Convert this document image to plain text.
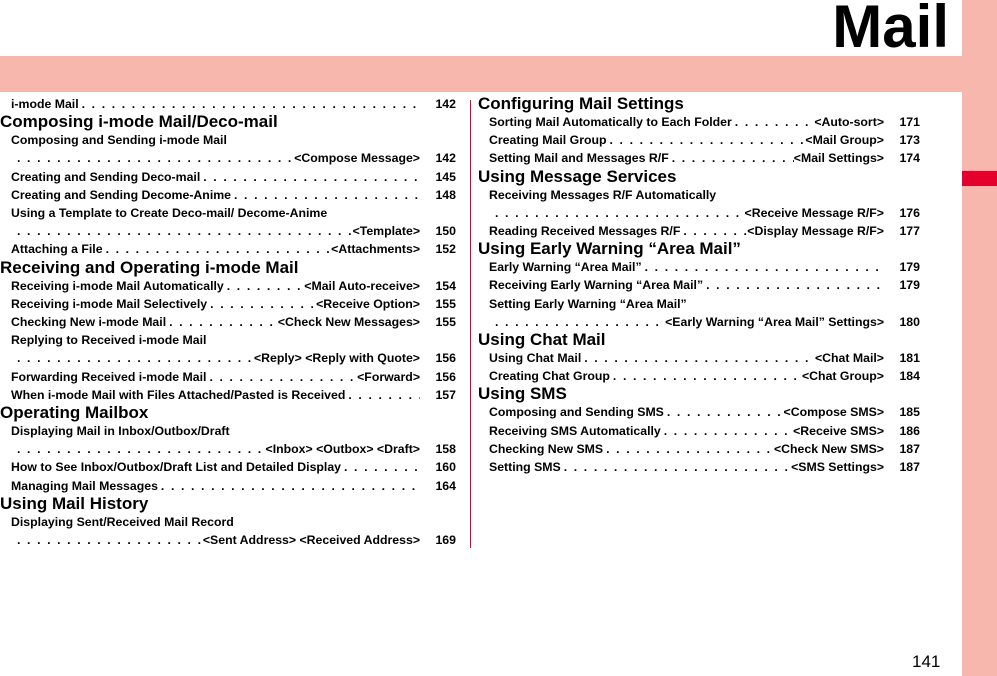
Mail
i-mode Mail . . .	142
Composing i-mode Mail/Deco-mail
Composing and Sending i-mode Mail
. . .
<Compose Message>	142
Creating and Sending Deco-mail . . .	145
Creating and Sending Decome-Anime . . .	148
Using a Template to Create Deco-mail/ Decome-Anime
. . .
<Template>	150
Attaching a File . . .	<Attachments>	152
Receiving and Operating i-mode Mail
Receiving i-mode Mail Automatically . . .	<Mail Auto-receive>	154
Receiving i-mode Mail Selectively . . .	<Receive Option>	155
Checking New i-mode Mail . . .	<Check New Messages>	155
Replying to Received i-mode Mail
. . .
<Reply> <Reply with Quote>	156
Forwarding Received i-mode Mail . . .	<Forward>	156
When i-mode Mail with Files Attached/Pasted is Received . . .	157
Operating Mailbox
Displaying Mail in Inbox/Outbox/Draft
. . .
<Inbox> <Outbox> <Draft>	158
How to See Inbox/Outbox/Draft List and Detailed Display . . .	160
Managing Mail Messages . . .	164
Using Mail History
Displaying Sent/Received Mail Record
. . .
<Sent Address> <Received Address>	169
Configuring Mail Settings
Sorting Mail Automatically to Each Folder . . .	<Auto-sort>	171
Creating Mail Group . . .	<Mail Group>	173
Setting Mail and Messages R/F . . .	<Mail Settings>	174
Using Message Services
Receiving Messages R/F Automatically
. . .
<Receive Message R/F>	176
Reading Received Messages R/F . . .	<Display Message R/F>	177
Using Early Warning “Area Mail”
Early Warning “Area Mail” . . .	179
Receiving Early Warning “Area Mail” . . .	179
Setting Early Warning “Area Mail”
. . .
<Early Warning “Area Mail” Settings>	180
Using Chat Mail
Using Chat Mail . . .	<Chat Mail>	181
Creating Chat Group . . .	<Chat Group>	184
Using SMS
Composing and Sending SMS . . .	<Compose SMS>	185
Receiving SMS Automatically . . .	<Receive SMS>	186
Checking New SMS . . .	<Check New SMS>	187
Setting SMS . . .	<SMS Settings>	187
141
